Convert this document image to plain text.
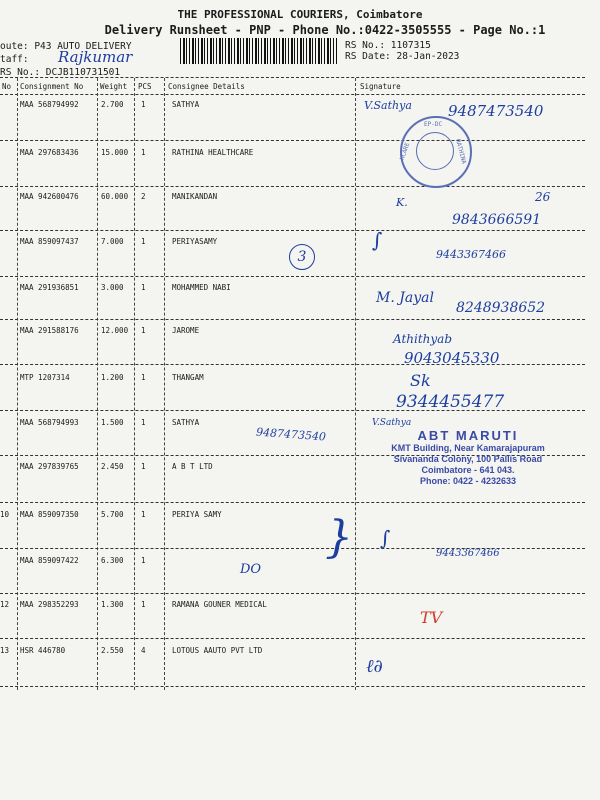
THE PROFESSIONAL COURIERS, Coimbatore
Delivery Runsheet - PNP - Phone No.:0422-3505555 - Page No.:1
oute: P43 AUTO DELIVERY
taff: Rajkumar
RS No.: DCJB110731501
RS No.: 1107315
RS Date: 28-Jan-2023
No Consignment No Weight PCS Consignee Details	Signature
MAA 568794992	2.700 1	SATHYA
MAA 297683436	15.000 1	RATHINA HEALTHCARE
MAA 942600476	60.000 2	MANIKANDAN
MAA 859097437	7.000 1	PERIYASAMY
MAA 291936851	3.000 1	MOHAMMED NABI
MAA 291588176	12.000 1	JAROME
MTP 1207314	1.200 1	THANGAM
MAA 568794993	1.500 1	SATHYA
MAA 297839765	2.450 1	A B T LTD
10 MAA 859097350	5.700 1	PERIYA SAMY
MAA 859097422	6.300 1
12 MAA 298352293	1.300 1	RAMANA GOUNER MEDICAL
13 HSR 446780	2.550 4	LOTOUS AAUTO PVT LTD
V.Sathya 9487473540
EP-DC
HCARE	RATHINA
K.	26
9843666591
3
∫
9443367466
M. Jayal
8248938652
Athithyab
9043045330
Sk
9344455477
9487473540
V.Sathya
ABT MARUTI
KMT Building, Near Kamarajapuram
Sivananda Colony, 100 Pallis Road
Coimbatore - 641 043.
Phone: 0422 - 4232633
} ∫
9443367466
DO
TV
ℓ∂
